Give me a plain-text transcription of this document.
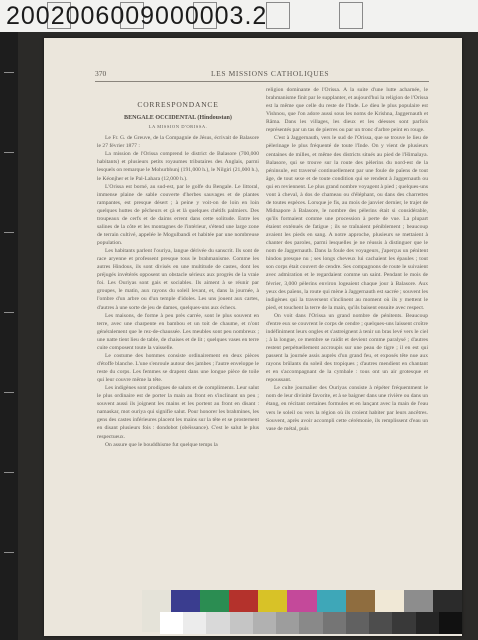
2002006009000003.2
370	LES MISSIONS CATHOLIQUES

CORRESPONDANCE

BENGALE OCCIDENTAL (Hindoustan)

LA MISSION D'ORISSA.

Le Fr. G. de Greuve, de la Compagnie de Jésus, écrivait de Balasore le 27 février 1877 :

La mission de l'Orissa comprend le district de Balasore (700,000 habitants) et plusieurs petits royaumes tributaires des Anglais, parmi lesquels on remarque le Mohurbhunj (191,000 h.), le Nilgiri (21,000 h.), le Kéonjher et le Pal-Lahara (12,000 h.).

L'Orissa est borné, au sud-est, par le golfe du Bengale. Le littoral, immense plaine de sable couverte d'herbes sauvages et de plantes rampantes, est presque désert ; à peine y voit-on de loin en loin quelques huttes de pêcheurs et çà et là quelques chétifs palmiers. Des troupeaux de cerfs et de daims errent dans cette solitude. Entre les salines de la côte et les montagnes de l'intérieur, s'étend une large zone de terrain cultivé, appelée le Mogulbandi et habitée par une nombreuse population.

Les habitants parlent l'ouriya, langue dérivée du sanscrit. Ils sont de race aryenne et professent presque tous le brahmanisme. Comme les autres Hindous, ils sont divisés en une multitude de castes, dont les préjugés invétérés opposent un obstacle sérieux aux progrès de la vraie foi. Les Ouriyas sont gais et sociables. Ils aiment à se réunir par groupes, le matin, aux rayons du soleil levant, et, dans la journée, à l'ombre d'un arbre ou d'un temple d'idoles. Les uns jouent aux cartes, d'autres à une sorte de jeu de dames, quelques-uns aux échecs.

Les maisons, de forme à peu près carrée, sont le plus souvent en terre, avec une charpente en bambou et un toit de chaume, et n'ont généralement que le rez-de-chaussée. Les meubles sont peu nombreux ; une natte tient lieu de table, de chaises et de lit ; quelques vases en terre cuite composent toute la vaisselle.

Le costume des hommes consiste ordinairement en deux pièces d'étoffe blanche. L'une s'enroule autour des jambes ; l'autre enveloppe le reste du corps. Les femmes se drapent dans une longue pièce de toile qui leur couvre même la tête.

Les indigènes sont prodigues de saluts et de compliments. Leur salut le plus ordinaire est de porter la main au front en s'inclinant un peu ; souvent aussi ils joignent les mains et les portent au front en disant : namaskar, mot ouriya qui signifie salut. Pour honorer les brahmines, les gens des castes inférieures placent les mains sur la tête et se prosternent en disant plusieurs fois : dondobot (obéissance). C'est le salut le plus respectueux.

On assure que le bouddhisme fut quelque temps la

religion dominante de l'Orissa. A la suite d'une lutte acharnée, le brahmanisme finit par le supplanter, et aujourd'hui la religion de l'Orissa est la même que celle du reste de l'Inde. Le dieu le plus populaire est Vishnou, que l'on adore aussi sous les noms de Krishna, Jaggernauth et Râma. Dans les villages, les dieux et les déesses sont parfois représentés par un tas de pierres ou par un tronc d'arbre peint en rouge.

C'est à Jaggernauth, vers le sud de l'Orissa, que se trouve le lieu de pèlerinage le plus fréquenté de toute l'Inde. On y vient de plusieurs centaines de milles, et même des districts situés au pied de l'Himalaya. Balasore, qui se trouve sur la route des pèlerins du nord-est de la péninsule, est traversé continuellement par une foule de païens de tout âge, de tout sexe et de toute condition qui se rendent à Jaggernauth ou qui en reviennent. Le plus grand nombre voyagent à pied ; quelques-uns vont à cheval, à dos de chameau ou d'éléphant, ou dans des charrettes de toutes espèces. Lorsque je fis, au mois de janvier dernier, le trajet de Midnapore à Balasore, le nombre des pèlerins était si considérable, qu'ils formaient comme une procession à perte de vue. La plupart étaient exténués de fatigue ; ils se traînaient péniblement ; beaucoup avaient les pieds en sang. A notre approche, plusieurs se mettaient à chanter des paroles, parmi lesquelles je ne réussis à distinguer que le nom de Jaggernauth. Dans la foule des voyageurs, j'aperçus un pénitent hindou presque nu ; ses longs cheveux lui cachaient les épaules ; tout son corps était couvert de cendre. Ses compagnons de route le suivaient avec admiration et le regardaient comme un saint. Pendant le mois de février, 3,000 pèlerins environ logeaient chaque jour à Balasore. Aux yeux des païens, la route qui mène à Jaggernauth est sacrée ; souvent les indigènes qui la traversent s'inclinent au moment où ils y mettent le pied, et touchent la terre de la main, qu'ils baisent ensuite avec respect.

On voit dans l'Orissa un grand nombre de pénitents. Beaucoup d'entre eux se couvrent le corps de cendre ; quelques-uns laissent croître indéfiniment leurs ongles et s'astreignent à tenir un bras levé vers le ciel ; à la longue, ce membre se raidit et devient comme paralysé ; d'autres restent perpétuellement accroupis sur une peau de tigre ; il en est qui passent la journée assis auprès d'un grand feu, et exposés tête nue aux rayons brûlants du soleil des tropiques ; d'autres mendient en chantant et en s'accompagnant de la cymbale : tous ont un air grotesque et repoussant.

Le culte journalier des Ouriyas consiste à répéter fréquemment le nom de leur divinité favorite, et à se baigner dans une rivière ou dans un étang, en récitant certaines formules et en lançant avec la main de l'eau vers le soleil ou vers la région où ils croient habiter par leurs ancêtres. Souvent, après avoir accompli cette cérémonie, ils remplissent d'eau un vase de métal, puis
